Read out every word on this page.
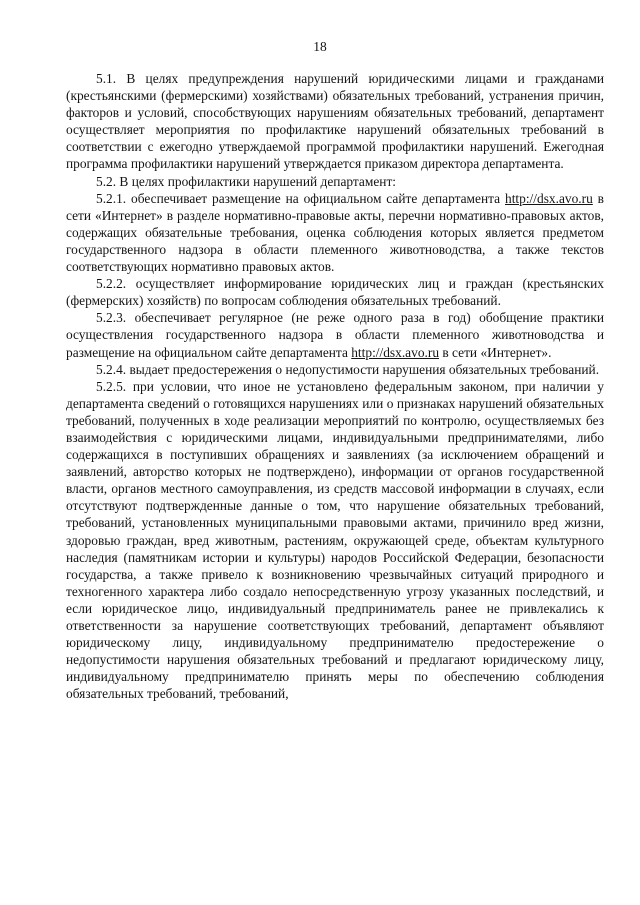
18

5.1. В целях предупреждения нарушений юридическими лицами и гражданами (крестьянскими (фермерскими) хозяйствами) обязательных требований, устранения причин, факторов и условий, способствующих нарушениям обязательных требований, департамент осуществляет мероприятия по профилактике нарушений обязательных требований в соответствии с ежегодно утверждаемой программой профилактики нарушений. Ежегодная программа профилактики нарушений утверждается приказом директора департамента.

5.2. В целях профилактики нарушений департамент:

5.2.1. обеспечивает размещение на официальном сайте департамента http://dsx.avo.ru в сети «Интернет» в разделе нормативно-правовые акты, перечни нормативно-правовых актов, содержащих обязательные требования, оценка соблюдения которых является предметом государственного надзора в области племенного животноводства, а также текстов соответствующих нормативно правовых актов.

5.2.2. осуществляет информирование юридических лиц и граждан (крестьянских (фермерских) хозяйств) по вопросам соблюдения обязательных требований.

5.2.3. обеспечивает регулярное (не реже одного раза в год) обобщение практики осуществления государственного надзора в области племенного животноводства и размещение на официальном сайте департамента http://dsx.avo.ru в сети «Интернет».

5.2.4. выдает предостережения о недопустимости нарушения обязательных требований.

5.2.5. при условии, что иное не установлено федеральным законом, при наличии у департамента сведений о готовящихся нарушениях или о признаках нарушений обязательных требований, полученных в ходе реализации мероприятий по контролю, осуществляемых без взаимодействия с юридическими лицами, индивидуальными предпринимателями, либо содержащихся в поступивших обращениях и заявлениях (за исключением обращений и заявлений, авторство которых не подтверждено), информации от органов государственной власти, органов местного самоуправления, из средств массовой информации в случаях, если отсутствуют подтвержденные данные о том, что нарушение обязательных требований, требований, установленных муниципальными правовыми актами, причинило вред жизни, здоровью граждан, вред животным, растениям, окружающей среде, объектам культурного наследия (памятникам истории и культуры) народов Российской Федерации, безопасности государства, а также привело к возникновению чрезвычайных ситуаций природного и техногенного характера либо создало непосредственную угрозу указанных последствий, и если юридическое лицо, индивидуальный предприниматель ранее не привлекались к ответственности за нарушение соответствующих требований, департамент объявляют юридическому лицу, индивидуальному предпринимателю предостережение о недопустимости нарушения обязательных требований и предлагают юридическому лицу, индивидуальному предпринимателю принять меры по обеспечению соблюдения обязательных требований, требований,
